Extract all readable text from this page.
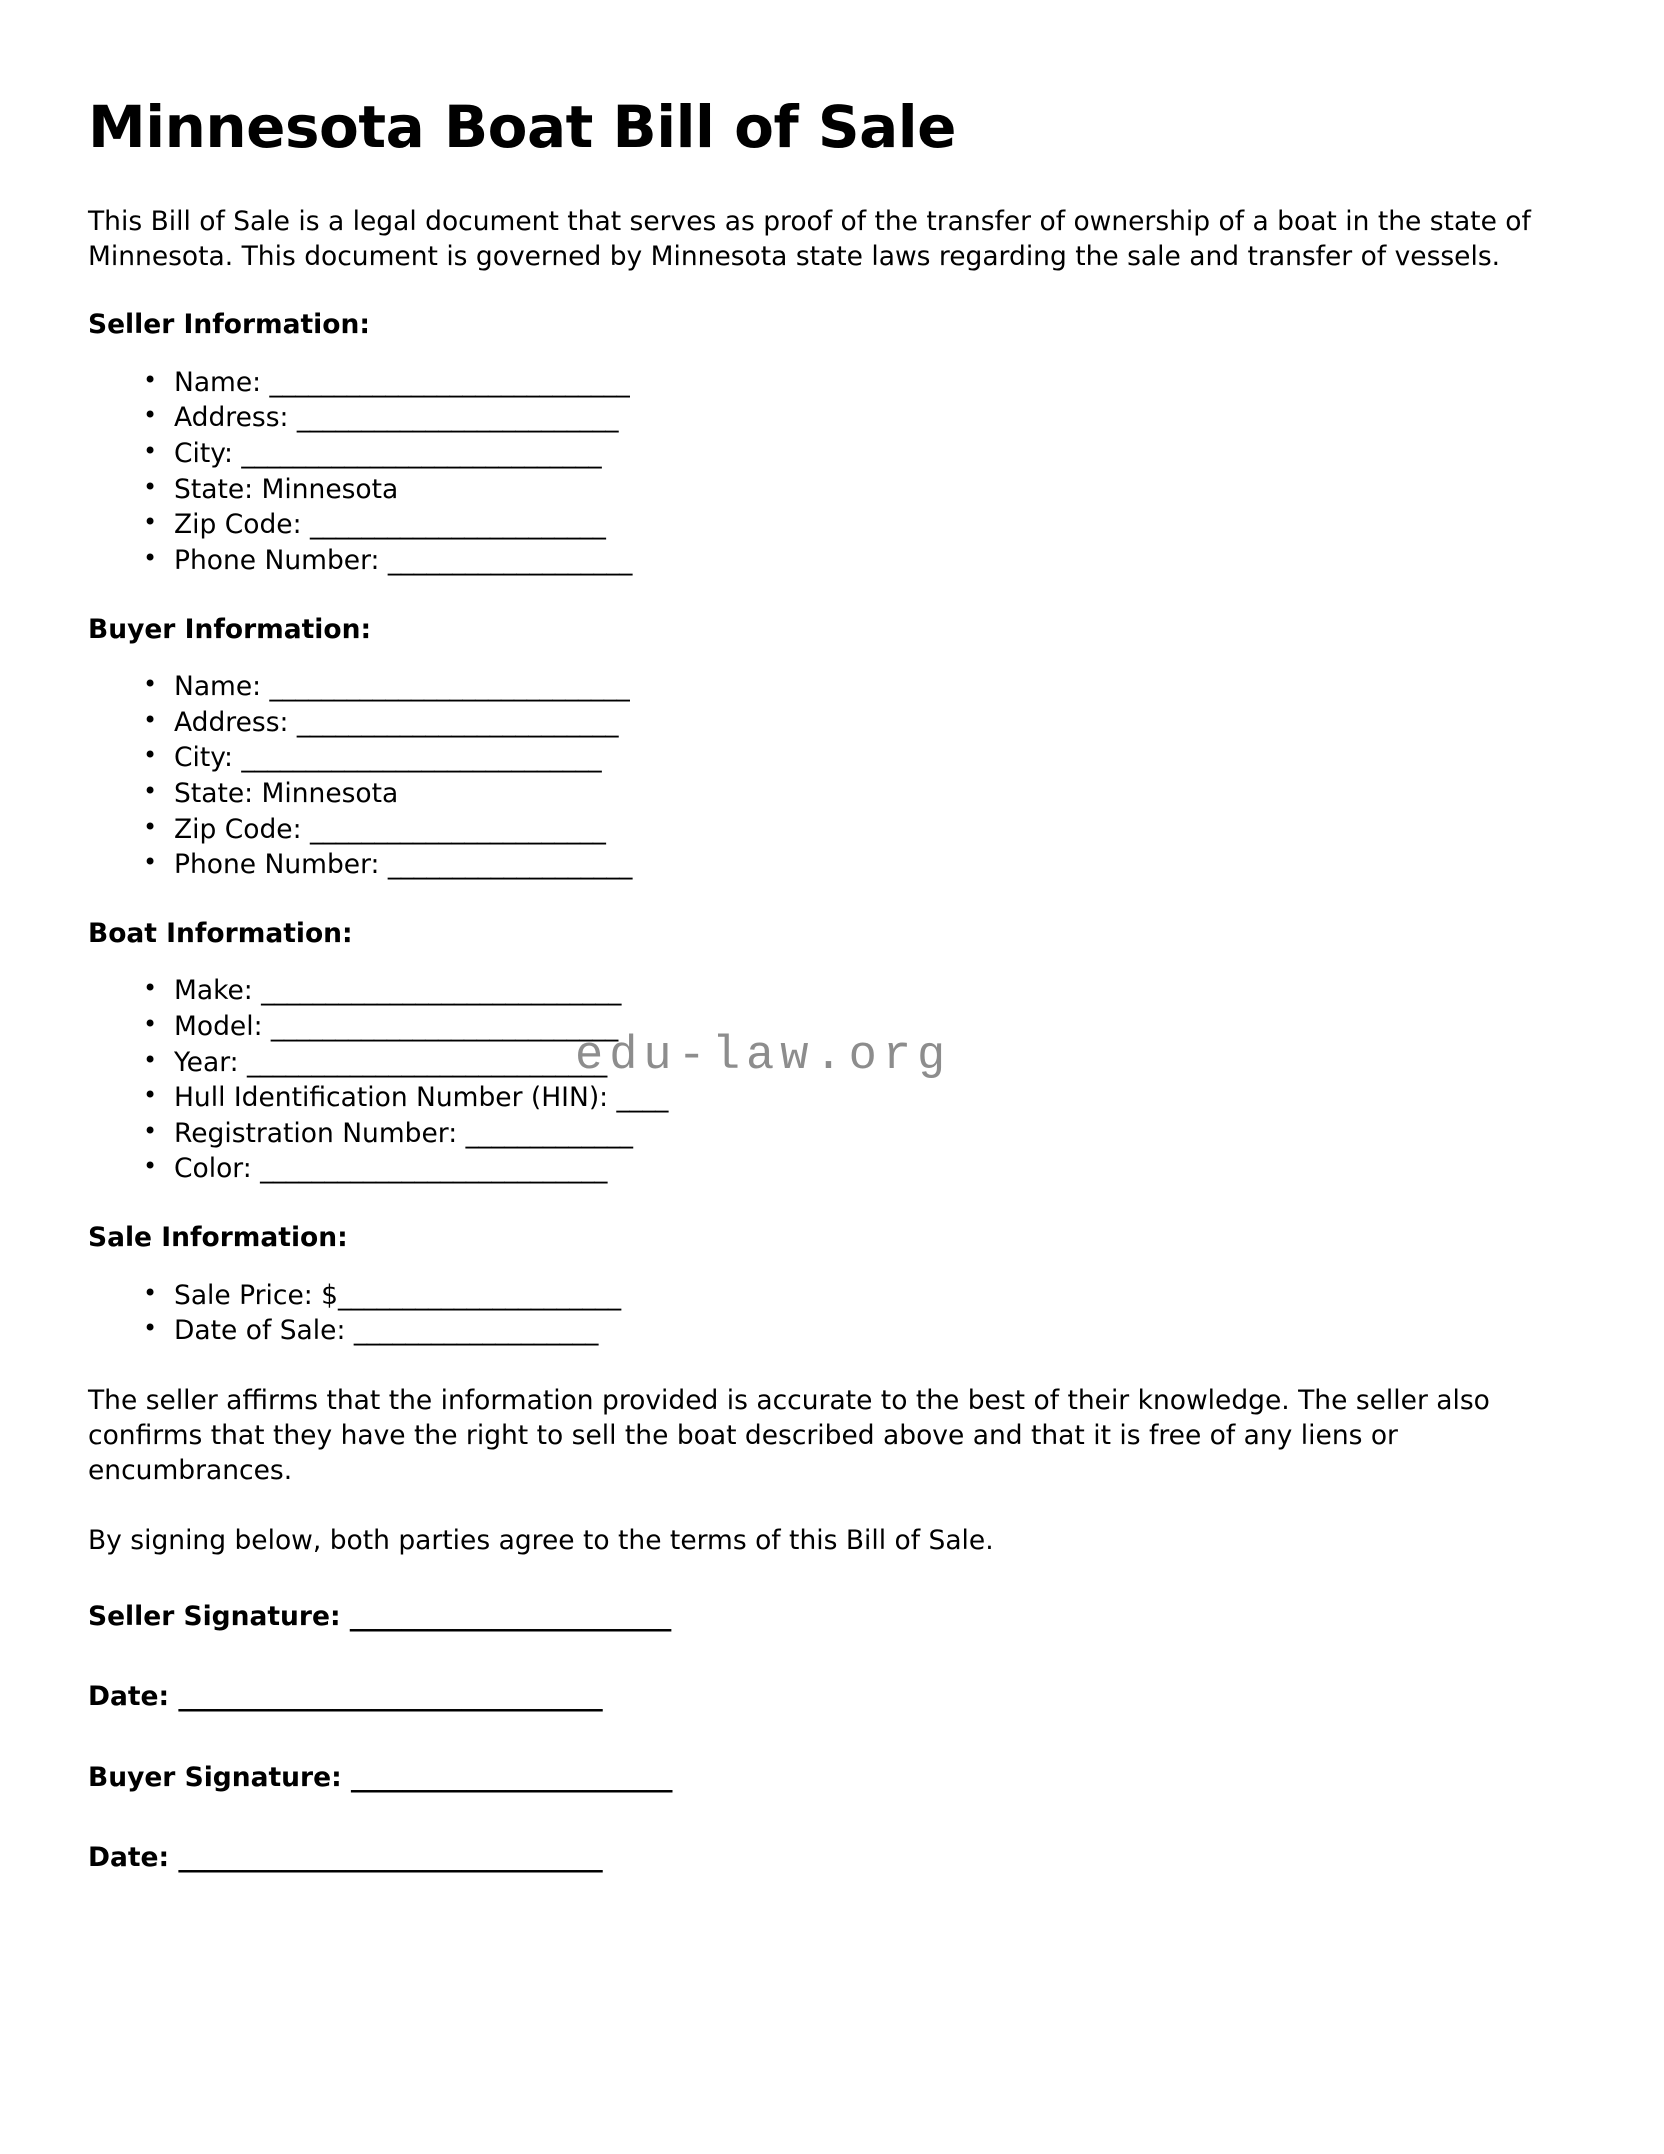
edu-law.org
Minnesota Boat Bill of Sale

This Bill of Sale is a legal document that serves as proof of the transfer of ownership of a boat in the state of Minnesota. This document is governed by Minnesota state laws regarding the sale and transfer of vessels.

Seller Information:
• Name: ____________________________
• Address: _________________________
• City: ____________________________
• State: Minnesota
• Zip Code: _______________________
• Phone Number: ___________________
Buyer Information:
• Name: ____________________________
• Address: _________________________
• City: ____________________________
• State: Minnesota
• Zip Code: _______________________
• Phone Number: ___________________
Boat Information:
• Make: ____________________________
• Model: ___________________________
• Year: ____________________________
• Hull Identification Number (HIN): ____
• Registration Number: _____________
• Color: ___________________________
Sale Information:
• Sale Price: $______________________
• Date of Sale: ___________________

The seller affirms that the information provided is accurate to the best of their knowledge. The seller also confirms that they have the right to sell the boat described above and that it is free of any liens or encumbrances.

By signing below, both parties agree to the terms of this Bill of Sale.

Seller Signature: _________________________
Date: _________________________________
Buyer Signature: _________________________
Date: _________________________________
